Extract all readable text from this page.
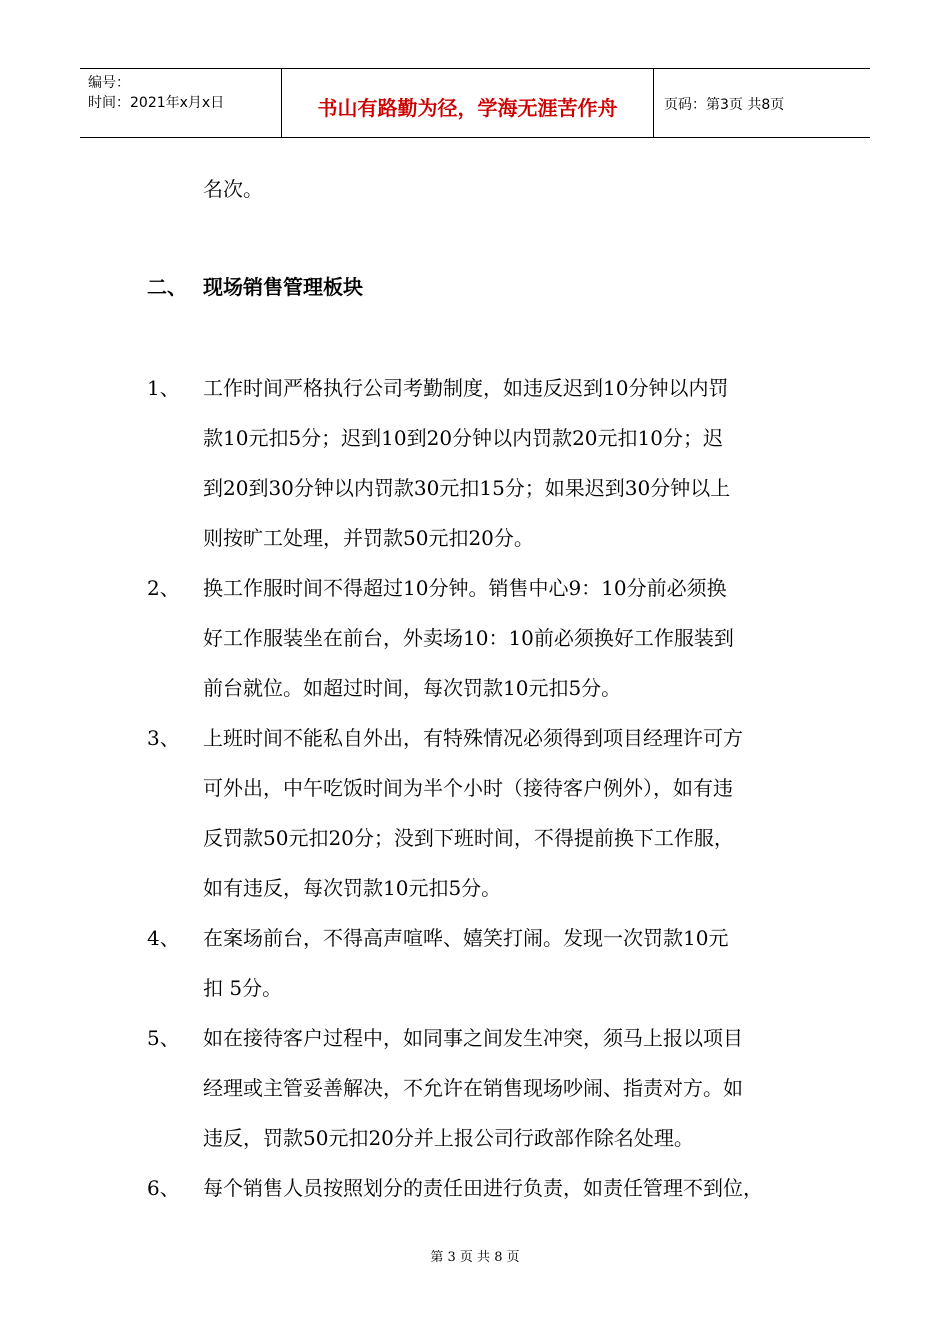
编号：
时间：2021年x月x日	书山有路勤为径，学海无涯苦作舟	页码：第3页 共8页
名次。
二、 现场销售管理板块
1、 工作时间严格执行公司考勤制度，如违反迟到10分钟以内罚
款10元扣5分；迟到10到20分钟以内罚款20元扣10分；迟
到20到30分钟以内罚款30元扣15分；如果迟到30分钟以上
则按旷工处理，并罚款50元扣20分。
2、 换工作服时间不得超过10分钟。销售中心9：10分前必须换
好工作服装坐在前台，外卖场10：10前必须换好工作服装到
前台就位。如超过时间，每次罚款10元扣5分。
3、 上班时间不能私自外出，有特殊情况必须得到项目经理许可方
可外出，中午吃饭时间为半个小时（接待客户例外），如有违
反罚款50元扣20分；没到下班时间，不得提前换下工作服，
如有违反，每次罚款10元扣5分。
4、 在案场前台，不得高声喧哗、嬉笑打闹。发现一次罚款10元
扣 5分。
5、 如在接待客户过程中，如同事之间发生冲突，须马上报以项目
经理或主管妥善解决，不允许在销售现场吵闹、指责对方。如
违反，罚款50元扣20分并上报公司行政部作除名处理。
6、 每个销售人员按照划分的责任田进行负责，如责任管理不到位，
第 3 页 共 8 页
